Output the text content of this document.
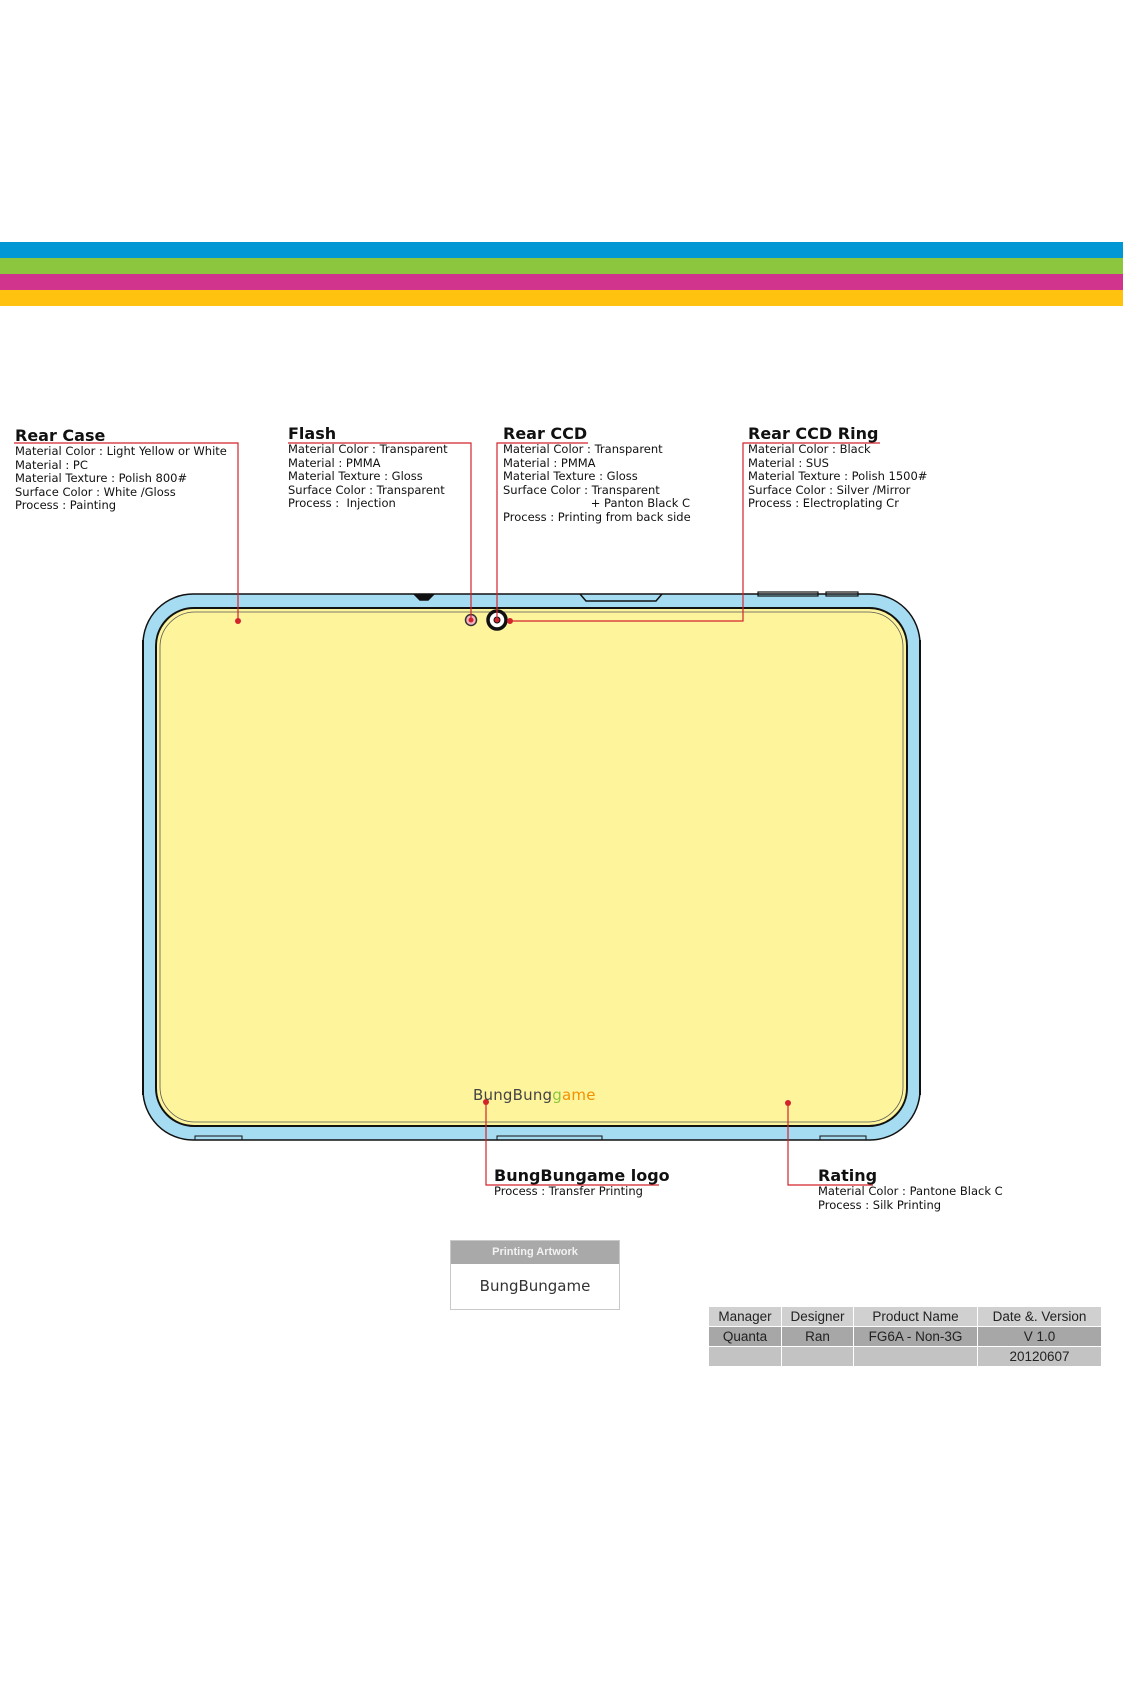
BungBunggame
Rear Case
Material Color : Light Yellow or White
Material : PC
Material Texture : Polish 800#
Surface Color : White /Gloss
Process : Painting
Flash
Material Color : Transparent
Material : PMMA
Material Texture : Gloss
Surface Color : Transparent
Process :  Injection
Rear CCD
Material Color : Transparent
Material : PMMA
Material Texture : Gloss
Surface Color : Transparent
+ Panton Black C
Process : Printing from back side
Rear CCD Ring
Material Color : Black
Material : SUS
Material Texture : Polish 1500#
Surface Color : Silver /Mirror
Process : Electroplating Cr
BungBungame logo
Process : Transfer Printing
Rating
Material Color : Pantone Black C
Process : Silk Printing
Printing Artwork
BungBungame
Manager	Designer	Product Name	Date &. Version
Quanta	Ran	FG6A - Non-3G	V 1.0
			20120607
